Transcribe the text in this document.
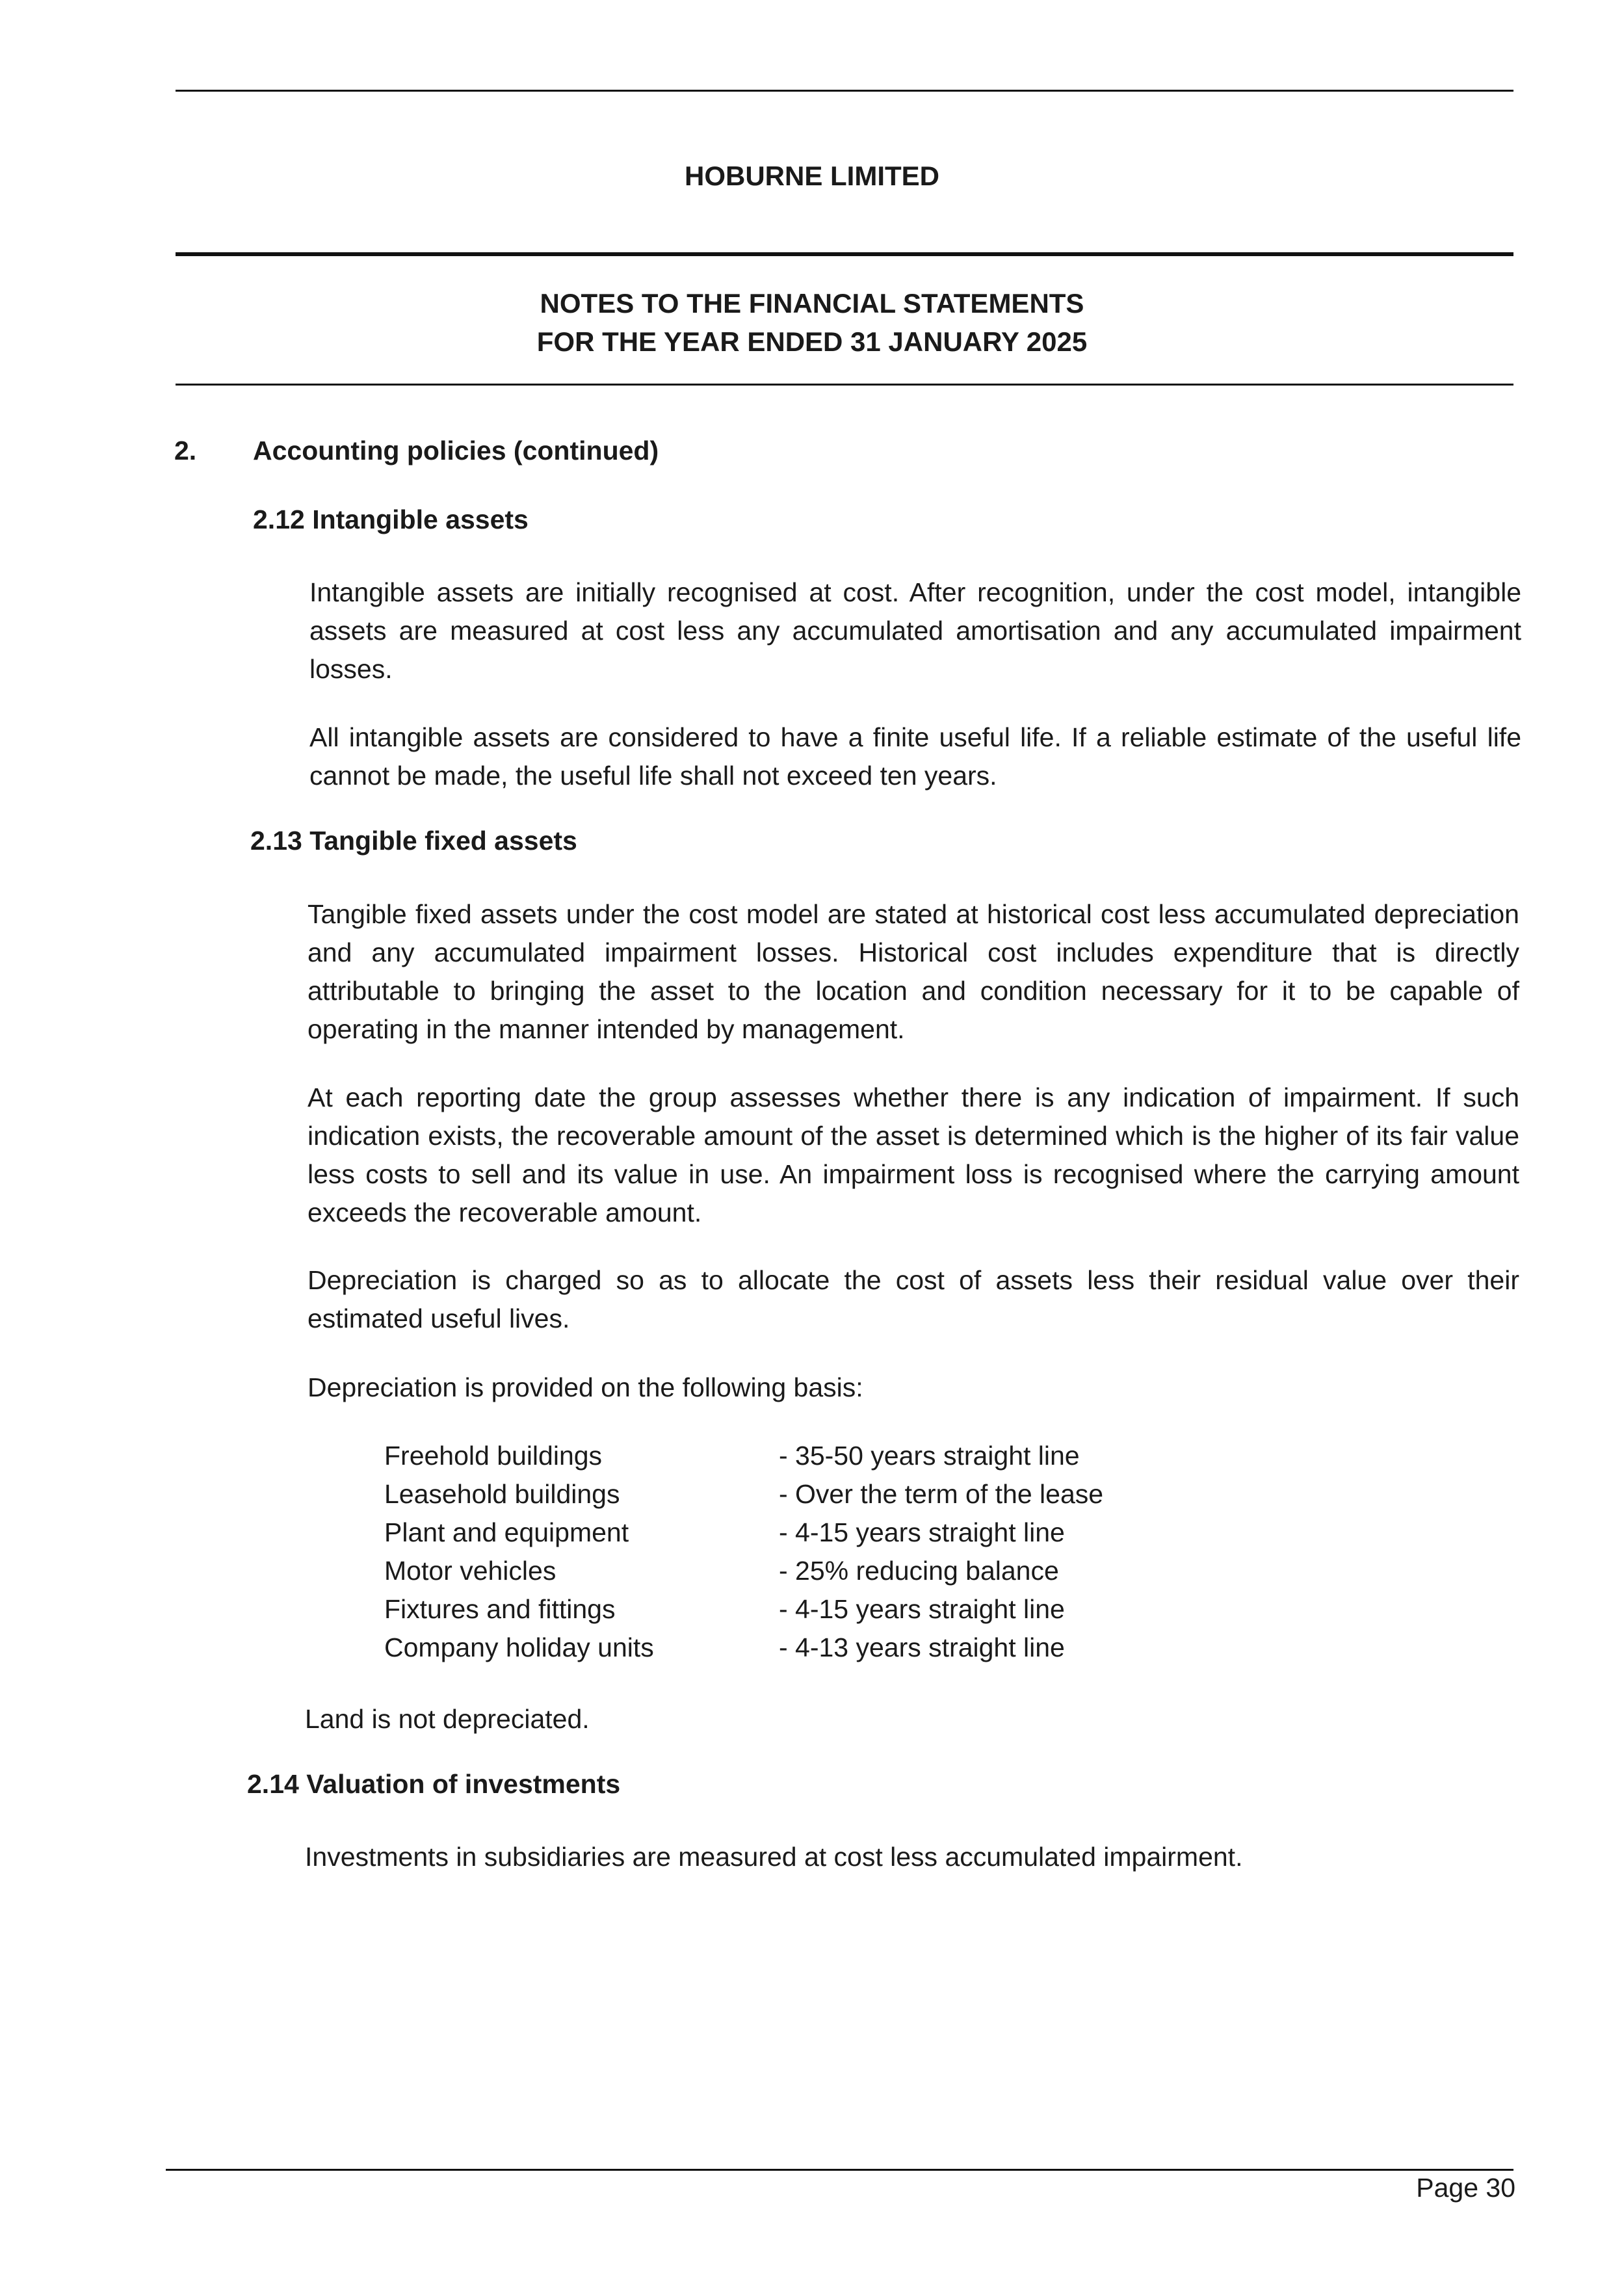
HOBURNE LIMITED
NOTES TO THE FINANCIAL STATEMENTS
FOR THE YEAR ENDED 31 JANUARY 2025
2. Accounting policies (continued)
2.12 Intangible assets
Intangible assets are initially recognised at cost. After recognition, under the cost model, intangible assets are measured at cost less any accumulated amortisation and any accumulated impairment losses.
All intangible assets are considered to have a finite useful life. If a reliable estimate of the useful life cannot be made, the useful life shall not exceed ten years.
2.13 Tangible fixed assets
Tangible fixed assets under the cost model are stated at historical cost less accumulated depreciation and any accumulated impairment losses. Historical cost includes expenditure that is directly attributable to bringing the asset to the location and condition necessary for it to be capable of operating in the manner intended by management.
At each reporting date the group assesses whether there is any indication of impairment. If such indication exists, the recoverable amount of the asset is determined which is the higher of its fair value less costs to sell and its value in use. An impairment loss is recognised where the carrying amount exceeds the recoverable amount.
Depreciation is charged so as to allocate the cost of assets less their residual value over their estimated useful lives.
Depreciation is provided on the following basis:
Freehold buildings	- 35-50 years straight line
Leasehold buildings	- Over the term of the lease
Plant and equipment	- 4-15 years straight line
Motor vehicles	- 25% reducing balance
Fixtures and fittings	- 4-15 years straight line
Company holiday units	- 4-13 years straight line
Land is not depreciated.
2.14 Valuation of investments
Investments in subsidiaries are measured at cost less accumulated impairment.
Page 30
